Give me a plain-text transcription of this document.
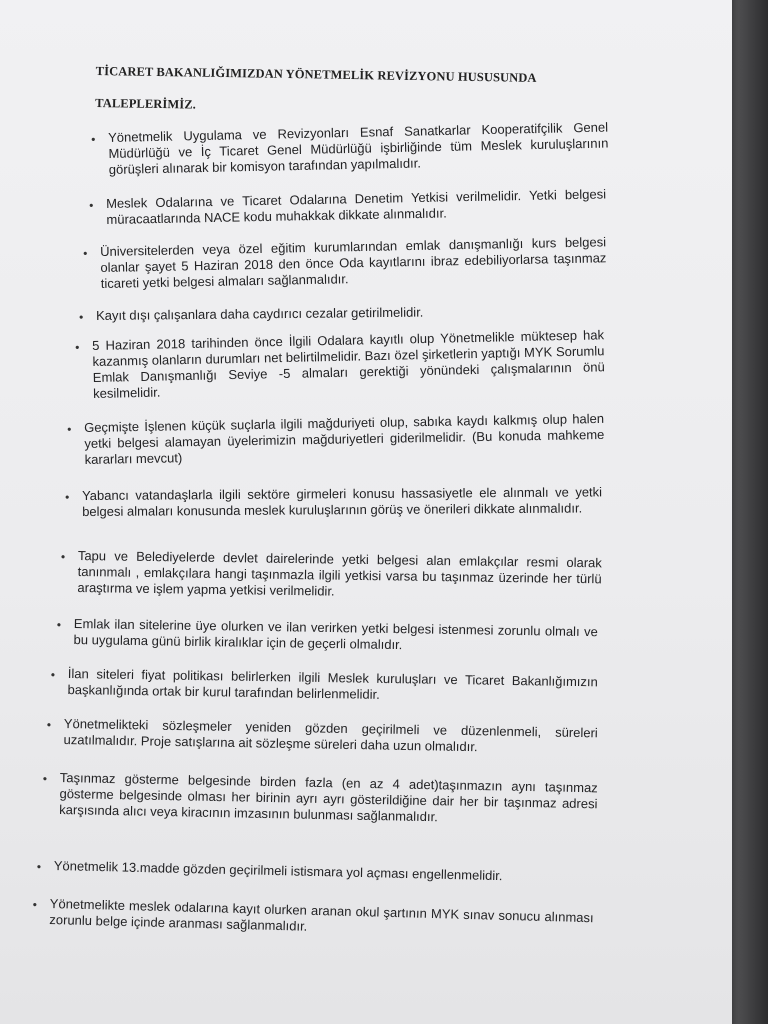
TİCARET BAKANLIĞIMIZDAN YÖNETMELİK REVİZYONU HUSUSUNDA
TALEPLERİMİZ.
• Yönetmelik Uygulama ve Revizyonları Esnaf Sanatkarlar Kooperatifçilik Genel Müdürlüğü ve İç Ticaret Genel Müdürlüğü işbirliğinde tüm Meslek kuruluşlarının görüşleri alınarak bir komisyon tarafından yapılmalıdır.
• Meslek Odalarına ve Ticaret Odalarına Denetim Yetkisi verilmelidir. Yetki belgesi müracaatlarında NACE kodu muhakkak dikkate alınmalıdır.
• Üniversitelerden veya özel eğitim kurumlarından emlak danışmanlığı kurs belgesi olanlar şayet 5 Haziran 2018 den önce Oda kayıtlarını ibraz edebiliyorlarsa taşınmaz ticareti yetki belgesi almaları sağlanmalıdır.
• Kayıt dışı çalışanlara daha caydırıcı cezalar getirilmelidir.
• 5 Haziran 2018 tarihinden önce İlgili Odalara kayıtlı olup Yönetmelikle müktesep hak kazanmış olanların durumları net belirtilmelidir. Bazı özel şirketlerin yaptığı MYK Sorumlu Emlak Danışmanlığı Seviye -5 almaları gerektiği yönündeki çalışmalarının önü kesilmelidir.
• Geçmişte İşlenen küçük suçlarla ilgili mağduriyeti olup, sabıka kaydı kalkmış olup halen yetki belgesi alamayan üyelerimizin mağduriyetleri giderilmelidir. (Bu konuda mahkeme kararları mevcut)
• Yabancı vatandaşlarla ilgili sektöre girmeleri konusu hassasiyetle ele alınmalı ve yetki belgesi almaları konusunda meslek kuruluşlarının görüş ve önerileri dikkate alınmalıdır.
• Tapu ve Belediyelerde devlet dairelerinde yetki belgesi alan emlakçılar resmi olarak tanınmalı , emlakçılara hangi taşınmazla ilgili yetkisi varsa bu taşınmaz üzerinde her türlü araştırma ve işlem yapma yetkisi verilmelidir.
• Emlak ilan sitelerine üye olurken ve ilan verirken yetki belgesi istenmesi zorunlu olmalı ve bu uygulama günü birlik kiralıklar için de geçerli olmalıdır.
• İlan siteleri fiyat politikası belirlerken ilgili Meslek kuruluşları ve Ticaret Bakanlığımızın başkanlığında ortak bir kurul tarafından belirlenmelidir.
• Yönetmelikteki sözleşmeler yeniden gözden geçirilmeli ve düzenlenmeli, süreleri uzatılmalıdır. Proje satışlarına ait sözleşme süreleri daha uzun olmalıdır.
• Taşınmaz gösterme belgesinde birden fazla (en az 4 adet)taşınmazın aynı taşınmaz gösterme belgesinde olması her birinin ayrı ayrı gösterildiğine dair her bir taşınmaz adresi karşısında alıcı veya kiracının imzasının bulunması sağlanmalıdır.
• Yönetmelik 13.madde gözden geçirilmeli istismara yol açması engellenmelidir.
• Yönetmelikte meslek odalarına kayıt olurken aranan okul şartının MYK sınav sonucu alınması zorunlu belge içinde aranması sağlanmalıdır.
